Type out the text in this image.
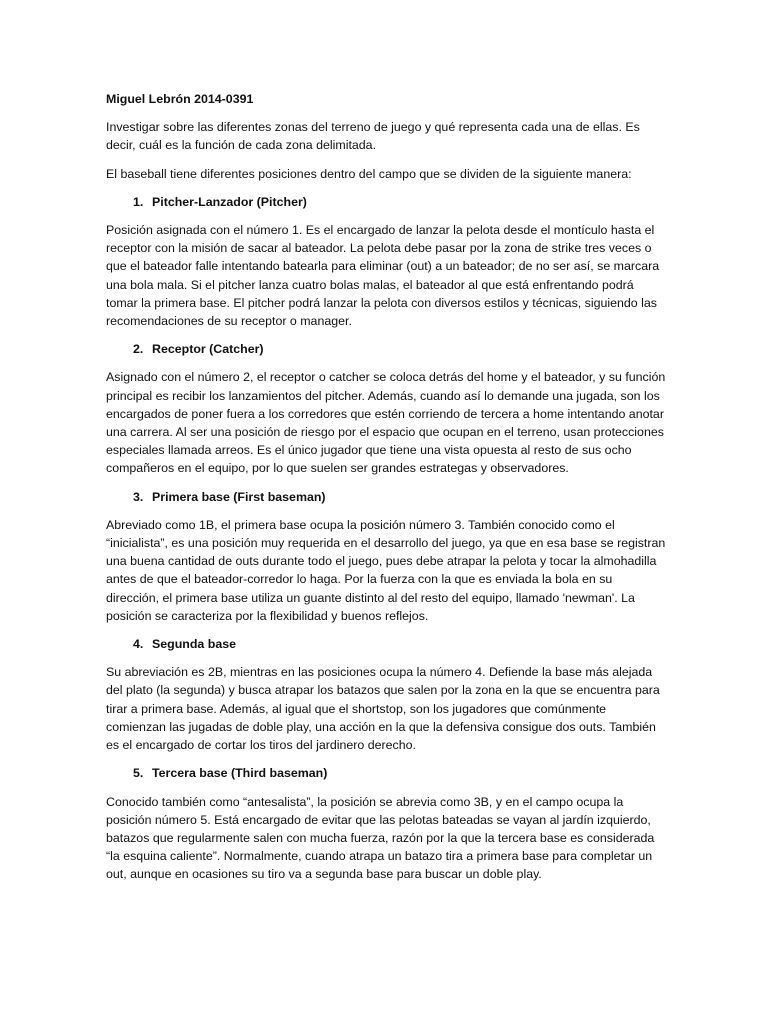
Miguel Lebrón 2014-0391
Investigar sobre las diferentes zonas del terreno de juego y qué representa cada una de ellas. Es decir, cuál es la función de cada zona delimitada.
El baseball tiene diferentes posiciones dentro del campo que se dividen de la siguiente manera:
1. Pitcher-Lanzador (Pitcher)
Posición asignada con el número 1. Es el encargado de lanzar la pelota desde el montículo hasta el receptor con la misión de sacar al bateador. La pelota debe pasar por la zona de strike tres veces o que el bateador falle intentando batearla para eliminar (out) a un bateador; de no ser así, se marcara una bola mala. Si el pitcher lanza cuatro bolas malas, el bateador al que está enfrentando podrá tomar la primera base. El pitcher podrá lanzar la pelota con diversos estilos y técnicas, siguiendo las recomendaciones de su receptor o manager.
2. Receptor (Catcher)
Asignado con el número 2, el receptor o catcher se coloca detrás del home y el bateador, y su función principal es recibir los lanzamientos del pitcher. Además, cuando así lo demande una jugada, son los encargados de poner fuera a los corredores que estén corriendo de tercera a home intentando anotar una carrera. Al ser una posición de riesgo por el espacio que ocupan en el terreno, usan protecciones especiales llamada arreos. Es el único jugador que tiene una vista opuesta al resto de sus ocho compañeros en el equipo, por lo que suelen ser grandes estrategas y observadores.
3. Primera base (First baseman)
Abreviado como 1B, el primera base ocupa la posición número 3. También conocido como el “inicialista”, es una posición muy requerida en el desarrollo del juego, ya que en esa base se registran una buena cantidad de outs durante todo el juego, pues debe atrapar la pelota y tocar la almohadilla antes de que el bateador-corredor lo haga. Por la fuerza con la que es enviada la bola en su dirección, el primera base utiliza un guante distinto al del resto del equipo, llamado 'newman'. La posición se caracteriza por la flexibilidad y buenos reflejos.
4. Segunda base
Su abreviación es 2B, mientras en las posiciones ocupa la número 4. Defiende la base más alejada del plato (la segunda) y busca atrapar los batazos que salen por la zona en la que se encuentra para tirar a primera base. Además, al igual que el shortstop, son los jugadores que comúnmente comienzan las jugadas de doble play, una acción en la que la defensiva consigue dos outs. También es el encargado de cortar los tiros del jardinero derecho.
5. Tercera base (Third baseman)
Conocido también como “antesalista”, la posición se abrevia como 3B, y en el campo ocupa la posición número 5. Está encargado de evitar que las pelotas bateadas se vayan al jardín izquierdo, batazos que regularmente salen con mucha fuerza, razón por la que la tercera base es considerada “la esquina caliente”. Normalmente, cuando atrapa un batazo tira a primera base para completar un out, aunque en ocasiones su tiro va a segunda base para buscar un doble play.
